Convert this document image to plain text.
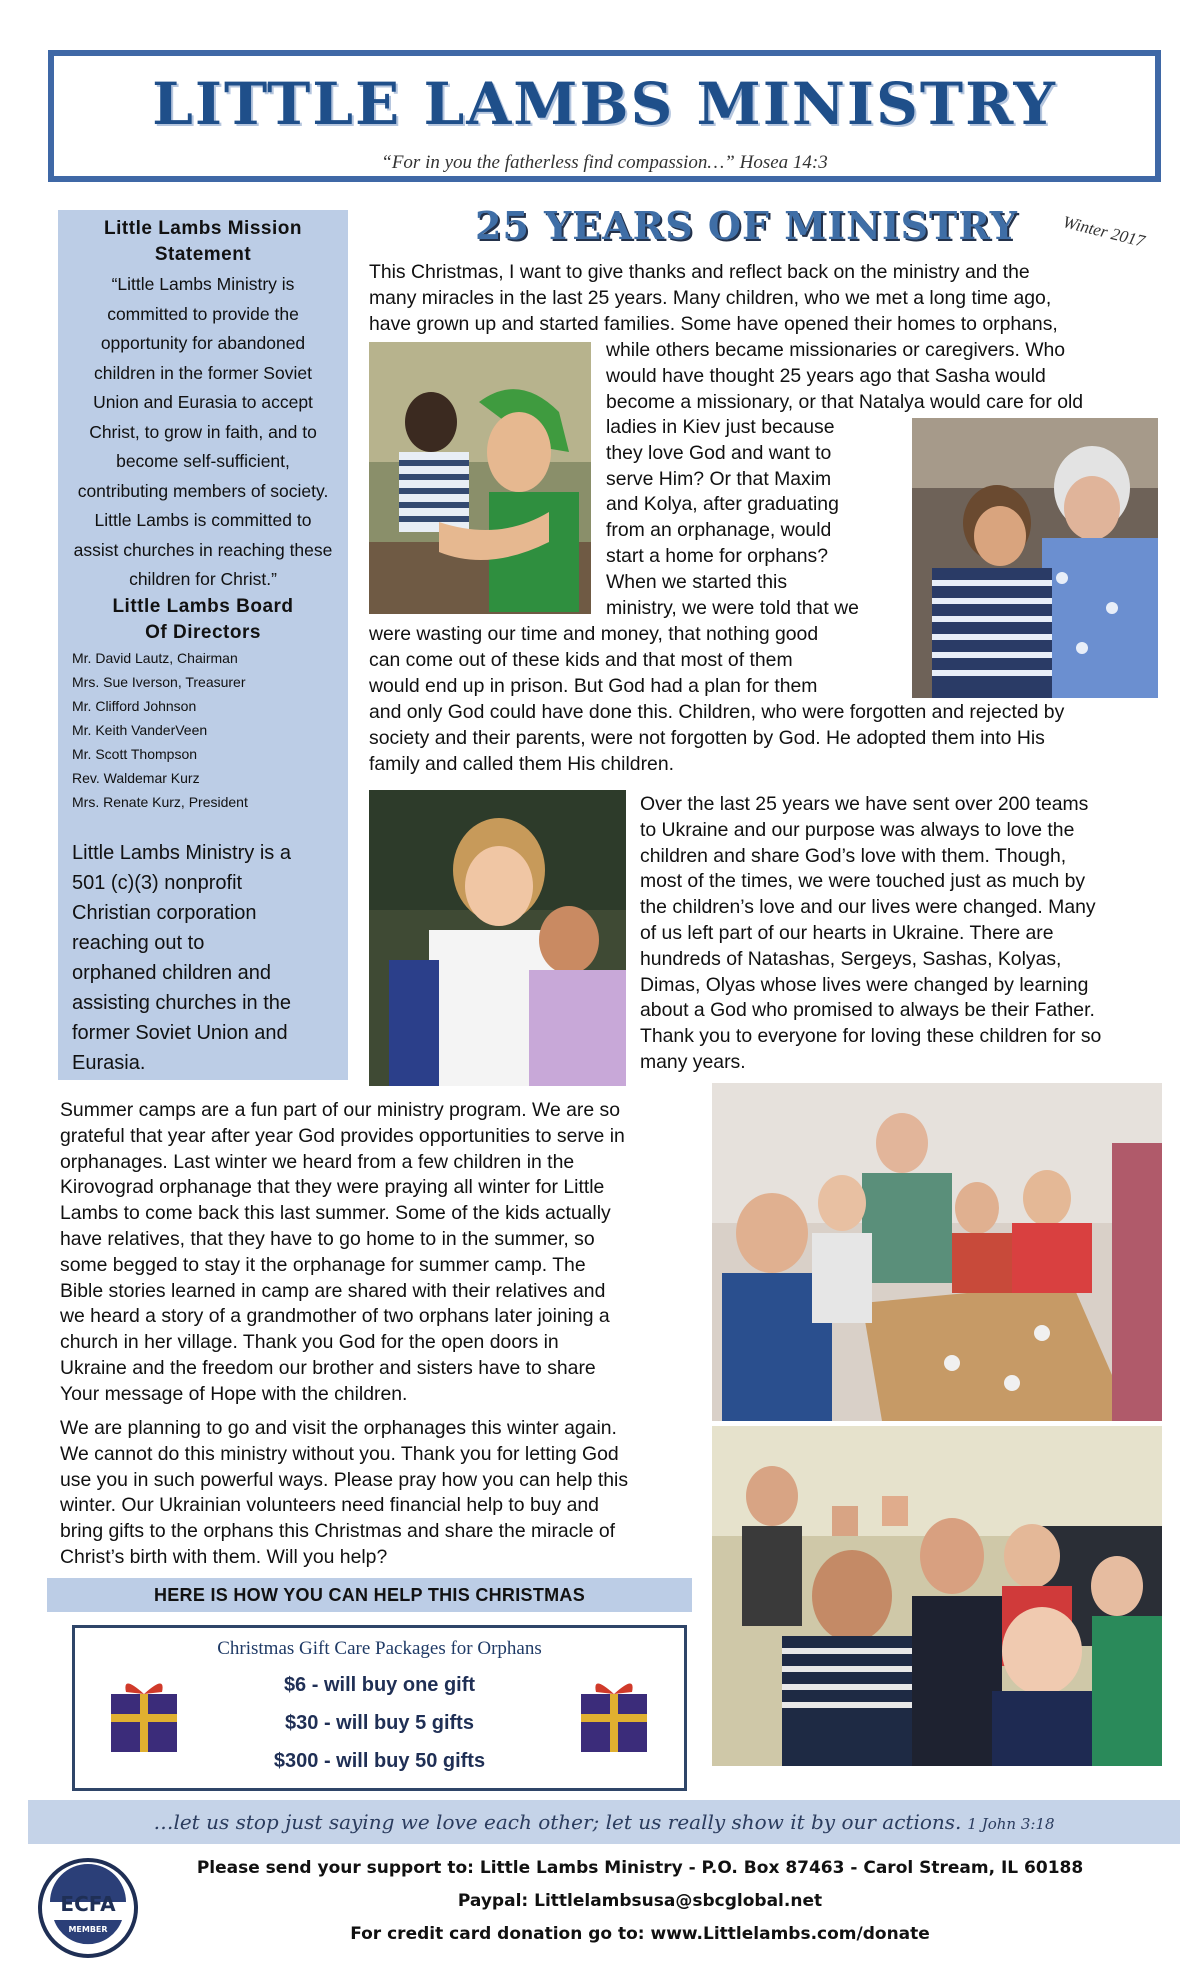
LITTLE LAMBS MINISTRY
“For in you the fatherless find compassion…” Hosea 14:3
Little Lambs Mission
Statement
“Little Lambs Ministry is
committed to provide the
opportunity for abandoned
children in the former Soviet
Union and Eurasia to accept
Christ, to grow in faith, and to
become self-sufficient,
contributing members of society.
Little Lambs is committed to
assist churches in reaching these
children for Christ.”
Little Lambs Board
Of Directors
Mr. David Lautz, Chairman
Mrs. Sue Iverson, Treasurer
Mr. Clifford Johnson
Mr. Keith VanderVeen
Mr. Scott Thompson
Rev. Waldemar Kurz
Mrs. Renate Kurz, President
Little Lambs Ministry is a
501 (c)(3) nonprofit
Christian corporation
reaching out to
orphaned children and
assisting churches in the
former Soviet Union and
Eurasia.
25 YEARS OF MINISTRY	Winter 2017
This Christmas, I want to give thanks and reflect back on the ministry and the
many miracles in the last 25 years. Many children, who we met a long time ago,
have grown up and started families. Some have opened their homes to orphans,
while others became missionaries or caregivers. Who
would have thought 25 years ago that Sasha would
become a missionary, or that Natalya would care for old
ladies in Kiev just because
they love God and want to
serve Him? Or that Maxim
and Kolya, after graduating
from an orphanage, would
start a home for orphans?
When we started this
ministry, we were told that we
were wasting our time and money, that nothing good
can come out of these kids and that most of them
would end up in prison. But God had a plan for them
and only God could have done this. Children, who were forgotten and rejected by
society and their parents, were not forgotten by God. He adopted them into His
family and called them His children.
Over the last 25 years we have sent over 200 teams
to Ukraine and our purpose was always to love the
children and share God’s love with them. Though,
most of the times, we were touched just as much by
the children’s love and our lives were changed. Many
of us left part of our hearts in Ukraine. There are
hundreds of Natashas, Sergeys, Sashas, Kolyas,
Dimas, Olyas whose lives were changed by learning
about a God who promised to always be their Father.
Thank you to everyone for loving these children for so
many years.
Summer camps are a fun part of our ministry program. We are so
grateful that year after year God provides opportunities to serve in
orphanages. Last winter we heard from a few children in the
Kirovograd orphanage that they were praying all winter for Little
Lambs to come back this last summer. Some of the kids actually
have relatives, that they have to go home to in the summer, so
some begged to stay it the orphanage for summer camp. The
Bible stories learned in camp are shared with their relatives and
we heard a story of a grandmother of two orphans later joining a
church in her village. Thank you God for the open doors in
Ukraine and the freedom our brother and sisters have to share
Your message of Hope with the children.
We are planning to go and visit the orphanages this winter again.
We cannot do this ministry without you. Thank you for letting God
use you in such powerful ways. Please pray how you can help this
winter. Our Ukrainian volunteers need financial help to buy and
bring gifts to the orphans this Christmas and share the miracle of
Christ’s birth with them. Will you help?
HERE IS HOW YOU CAN HELP THIS CHRISTMAS
Christmas Gift Care Packages for Orphans
$6 - will buy one gift
$30 - will buy 5 gifts
$300 - will buy 50 gifts
…let us stop just saying we love each other; let us really show it by our actions. 1 John 3:18
ECFA
MEMBER
Please send your support to: Little Lambs Ministry - P.O. Box 87463 - Carol Stream, IL 60188
Paypal: Littlelambsusa@sbcglobal.net
For credit card donation go to: www.Littlelambs.com/donate
